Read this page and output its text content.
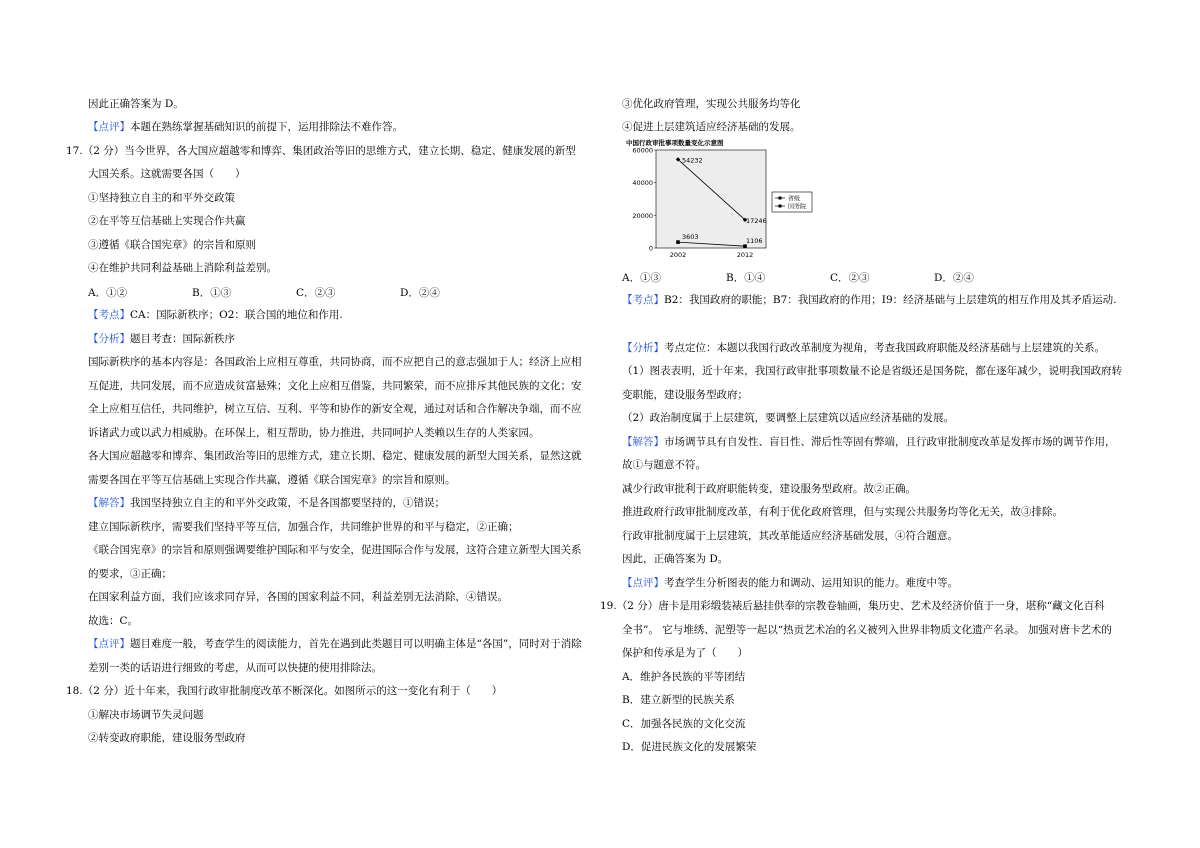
因此正确答案为 D。
【点评】本题在熟练掌握基础知识的前提下，运用排除法不难作答。
17.（2 分）当今世界，各大国应超越零和博弈、集团政治等旧的思维方式，建立长期、稳定、健康发展的新型
大国关系。这就需要各国（　　）
①坚持独立自主的和平外交政策
②在平等互信基础上实现合作共赢
③遵循《联合国宪章》的宗旨和原则
④在维护共同利益基础上消除利益差别。
【考点】CA：国际新秩序；O2：联合国的地位和作用.
【分析】题目考查：国际新秩序
国际新秩序的基本内容是：各国政治上应相互尊重，共同协商，而不应把自己的意志强加于人；经济上应相
互促进，共同发展，而不应造成贫富悬殊；文化上应相互借鉴，共同繁荣，而不应排斥其他民族的文化；安
全上应相互信任，共同维护，树立互信、互利、平等和协作的新安全观，通过对话和合作解决争端，而不应
诉诸武力或以武力相威胁。在环保上，相互帮助，协力推进，共同呵护人类赖以生存的人类家园。
各大国应超越零和博弈、集团政治等旧的思维方式，建立长期、稳定、健康发展的新型大国关系，显然这就
需要各国在平等互信基础上实现合作共赢，遵循《联合国宪章》的宗旨和原则。
【解答】我国坚持独立自主的和平外交政策，不是各国都要坚持的，①错误；
建立国际新秩序，需要我们坚持平等互信，加强合作，共同维护世界的和平与稳定，②正确；
《联合国宪章》的宗旨和原则强调要维护国际和平与安全，促进国际合作与发展，这符合建立新型大国关系
的要求，③正确；
在国家利益方面，我们应该求同存异，各国的国家利益不同，利益差别无法消除，④错误。
故选：C。
【点评】题目难度一般，考查学生的阅读能力，首先在遇到此类题目可以明确主体是“各国”，同时对于消除
差别一类的话语进行细致的考虑，从而可以快捷的使用排除法。
18.（2 分）近十年来，我国行政审批制度改革不断深化。如图所示的这一变化有利于（　　）
①解决市场调节失灵问题
②转变政府职能，建设服务型政府
A．①②	B．①③	C．②③	D．②④
③优化政府管理，实现公共服务均等化
④促进上层建筑适应经济基础的发展。
【考点】B2：我国政府的职能；B7：我国政府的作用；I9：经济基础与上层建筑的相互作用及其矛盾运动.
【分析】考点定位：本题以我国行政改革制度为视角，考查我国政府职能及经济基础与上层建筑的关系。
（1）图表表明，近十年来，我国行政审批事项数量不论是省级还是国务院，都在逐年减少，说明我国政府转
变职能，建设服务型政府；
（2）政治制度属于上层建筑，要调整上层建筑以适应经济基础的发展。
【解答】市场调节具有自发性、盲目性、滞后性等固有弊端，且行政审批制度改革是发挥市场的调节作用，
故①与题意不符。
减少行政审批利于政府职能转变，建设服务型政府。故②正确。
推进政府行政审批制度改革，有利于优化政府管理，但与实现公共服务均等化无关，故③排除。
行政审批制度属于上层建筑，其改革能适应经济基础发展，④符合题意。
因此，正确答案为 D。
【点评】考查学生分析图表的能力和调动、运用知识的能力。难度中等。
19.（2 分）唐卡是用彩缎装裱后悬挂供奉的宗教卷轴画，集历史、艺术及经济价值于一身，堪称“藏文化百科
全书”。 它与堆绣、泥塑等一起以“热贡艺术冶的名义被列入世界非物质文化遗产名录。 加强对唐卡艺术的
保护和传承是为了（　　）
A．维护各民族的平等团结
B．建立新型的民族关系
C．加强各民族的文化交流
D．促进民族文化的发展繁荣
A．①③	B．①④	C．②③	D．②④
中国行政审批事项数量变化示意图
60000
40000
20000
0
2002	2012
54232
17246
3603
1106
省级
国务院
